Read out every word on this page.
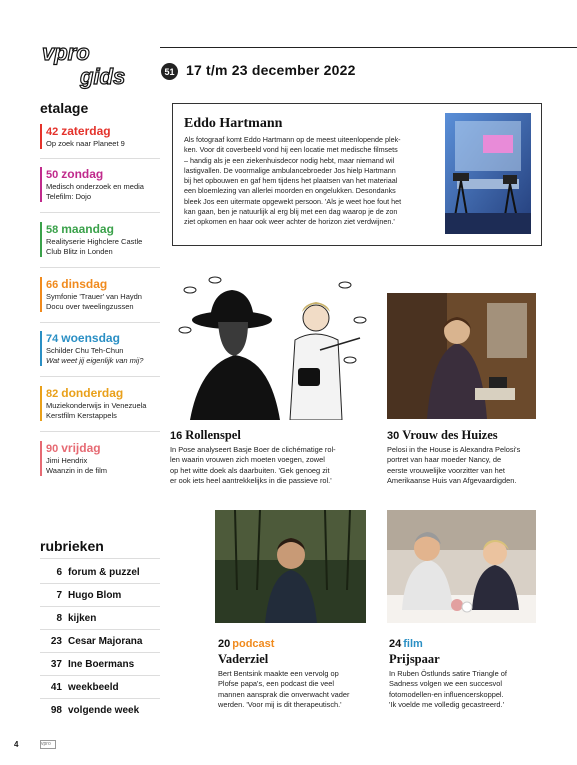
vpro
gids	51 17 t/m 23 december 2022
etalage
42 zaterdag
Op zoek naar Planeet 9
50 zondag
Medisch onderzoek en media
Telefilm: Dojo
58 maandag
Realityserie Highclere Castle
Club Blitz in Londen
66 dinsdag
Symfonie 'Trauer' van Haydn
Docu over tweelingzussen
74 woensdag
Schilder Chu Teh-Chun
Wat weet jij eigenlijk van mij?
82 donderdag
Muziekonderwijs in Venezuela
Kerstfilm Kerstappels
90 vrijdag
Jimi Hendrix
Waanzin in de film
rubrieken
6 forum & puzzel
7 Hugo Blom
8 kijken
23 Cesar Majorana
37 Ine Boermans
41 weekbeeld
98 volgende week
Eddo Hartmann
Als fotograaf komt Eddo Hartmann op de meest uiteenlopende plek-
ken. Voor dit coverbeeld vond hij een locatie met medische filmsets
– handig als je een ziekenhuisdecor nodig hebt, maar niemand wil
lastigvallen. De voormalige ambulancebroeder Jos hielp Hartmann
bij het opbouwen en gaf hem tijdens het plaatsen van het materiaal
een bloemlezing van allerlei moorden en ongelukken. Desondanks
bleek Jos een uitermate opgewekt persoon. 'Als je weet hoe fout het
kan gaan, ben je natuurlijk al erg blij met een dag waarop je de zon
ziet opkomen en haar ook weer achter de horizon ziet verdwijnen.'
16 Rollenspel
In Pose analyseert Basje Boer de clichématige rol-
len waarin vrouwen zich moeten voegen, zowel
op het witte doek als daarbuiten. 'Gek genoeg zit
er ook iets heel aantrekkelijks in die passieve rol.'
30 Vrouw des Huizes
Pelosi in the House is Alexandra Pelosi's
portret van haar moeder Nancy, de
eerste vrouwelijke voorzitter van het
Amerikaanse Huis van Afgevaardigden.
20 podcast
Vaderziel
Bert Bentsink maakte een vervolg op
Plofse papa's, een podcast die veel
mannen aansprak die onverwacht vader
werden. 'Voor mij is dit therapeutisch.'
24 film
Prijspaar
In Ruben Östlunds satire Triangle of
Sadness volgen we een succesvol
fotomodellen-en influencerskoppel.
'Ik voelde me volledig gecastreerd.'
4	vpro
